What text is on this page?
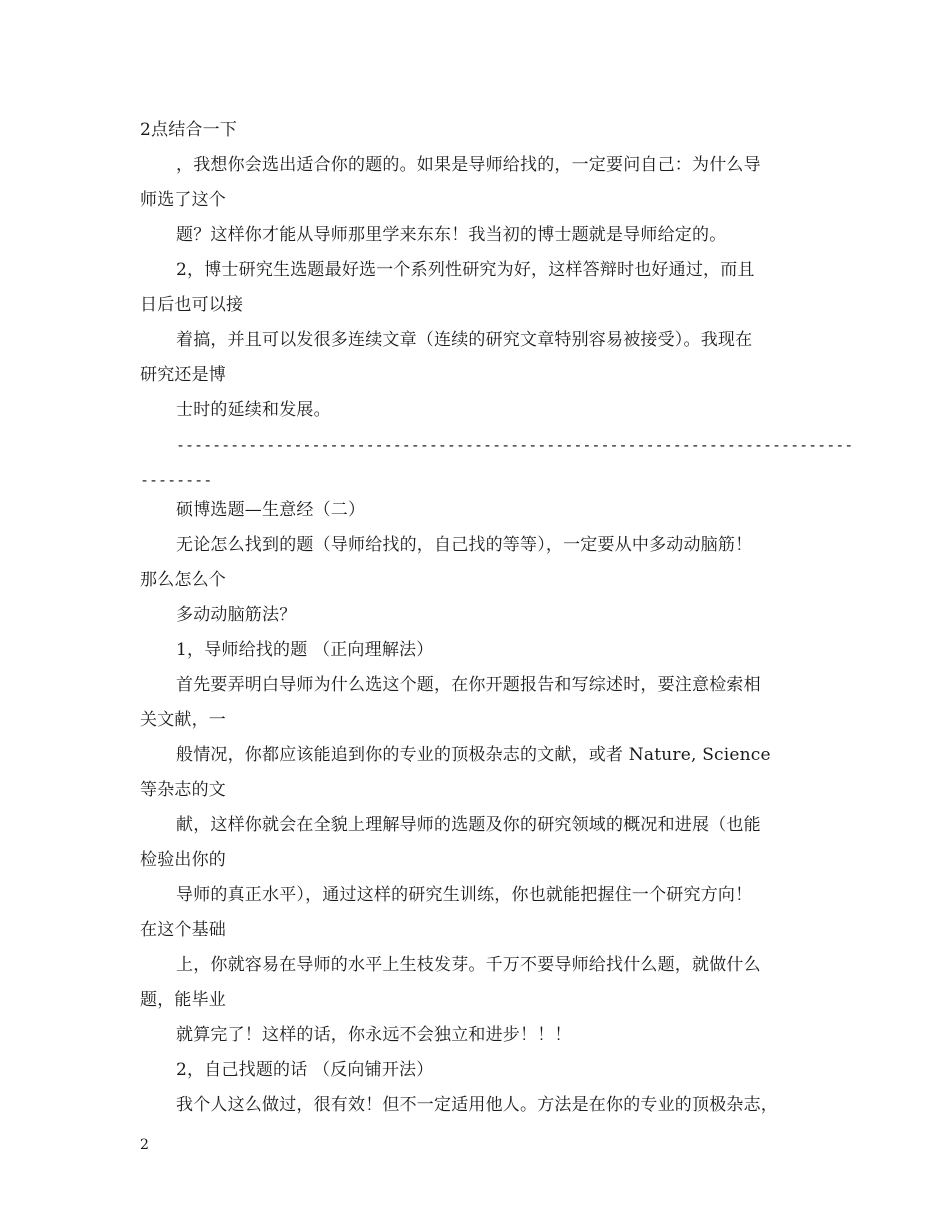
2点结合一下
，我想你会选出适合你的题的。如果是导师给找的，一定要问自己：为什么导
师选了这个
题？这样你才能从导师那里学来东东！我当初的博士题就是导师给定的。
2，博士研究生选题最好选一个系列性研究为好，这样答辩时也好通过，而且
日后也可以接
着搞，并且可以发很多连续文章（连续的研究文章特别容易被接受）。我现在
研究还是博
士时的延续和发展。
---------------------------------------------------------------------------
--------
硕博选题—生意经（二）
无论怎么找到的题（导师给找的，自己找的等等），一定要从中多动动脑筋！
那么怎么个
多动动脑筋法？
1，导师给找的题 （正向理解法）
首先要弄明白导师为什么选这个题，在你开题报告和写综述时，要注意检索相
关文献，一
般情况，你都应该能追到你的专业的顶极杂志的文献，或者 Nature, Science
等杂志的文
献，这样你就会在全貌上理解导师的选题及你的研究领域的概况和进展（也能
检验出你的
导师的真正水平），通过这样的研究生训练，你也就能把握住一个研究方向！
在这个基础
上，你就容易在导师的水平上生枝发芽。千万不要导师给找什么题，就做什么
题，能毕业
就算完了！这样的话，你永远不会独立和进步！！！
2，自己找题的话 （反向铺开法）
我个人这么做过，很有效！但不一定适用他人。方法是在你的专业的顶极杂志，
2
